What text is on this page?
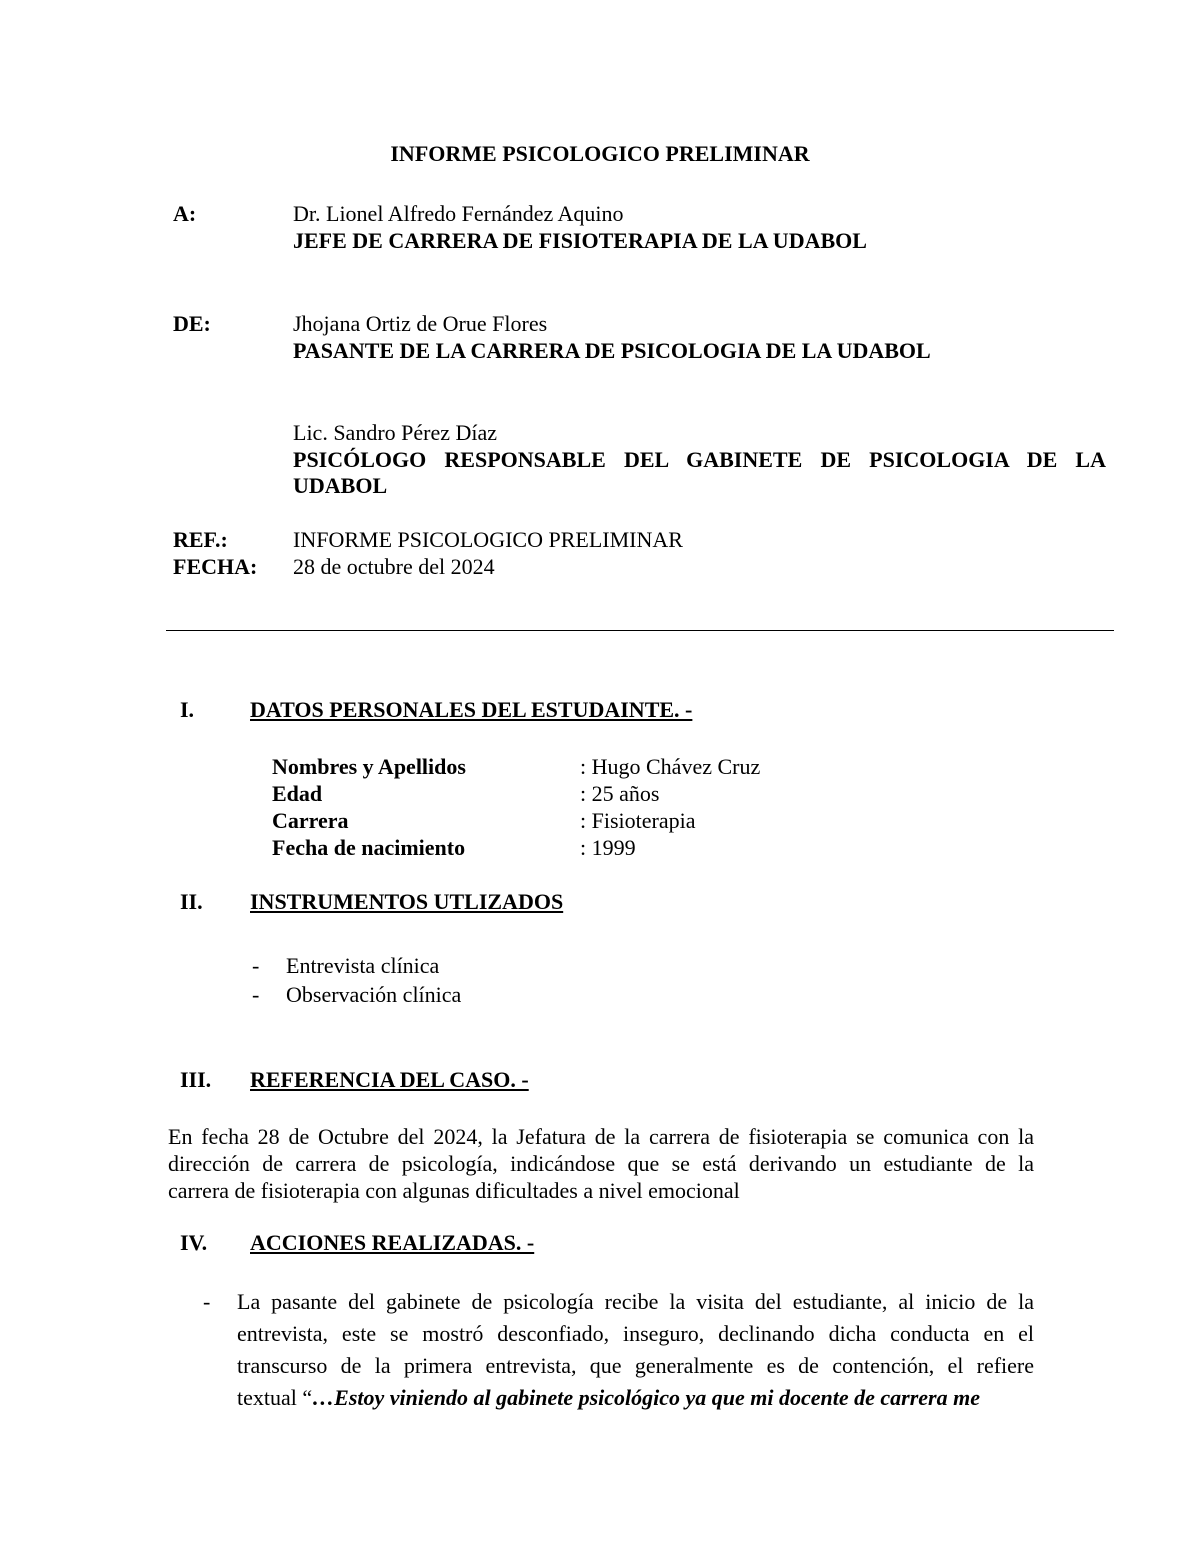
INFORME PSICOLOGICO PRELIMINAR
A:	Dr. Lionel Alfredo Fernández Aquino
JEFE DE CARRERA DE FISIOTERAPIA DE LA UDABOL
DE:	Jhojana Ortiz de Orue Flores
PASANTE DE LA CARRERA DE PSICOLOGIA DE LA UDABOL
Lic. Sandro Pérez Díaz
PSICÓLOGO RESPONSABLE DEL GABINETE DE PSICOLOGIA DE LA
UDABOL
REF.:	INFORME PSICOLOGICO PRELIMINAR
FECHA: 28 de octubre del 2024
I.	DATOS PERSONALES DEL ESTUDAINTE. -
Nombres y Apellidos	: Hugo Chávez Cruz
Edad	: 25 años
Carrera	: Fisioterapia
Fecha de nacimiento	: 1999
II. INSTRUMENTOS UTLIZADOS
- Entrevista clínica
- Observación clínica
III. REFERENCIA DEL CASO. -
En fecha 28 de Octubre del 2024, la Jefatura de la carrera de fisioterapia se comunica con la
dirección de carrera de psicología, indicándose que se está derivando un estudiante de la
carrera de fisioterapia con algunas dificultades a nivel emocional
IV. ACCIONES REALIZADAS. -
- La pasante del gabinete de psicología recibe la visita del estudiante, al inicio de la
entrevista, este se mostró desconfiado, inseguro, declinando dicha conducta en el
transcurso de la primera entrevista, que generalmente es de contención, el refiere
textual “…Estoy viniendo al gabinete psicológico ya que mi docente de carrera me
